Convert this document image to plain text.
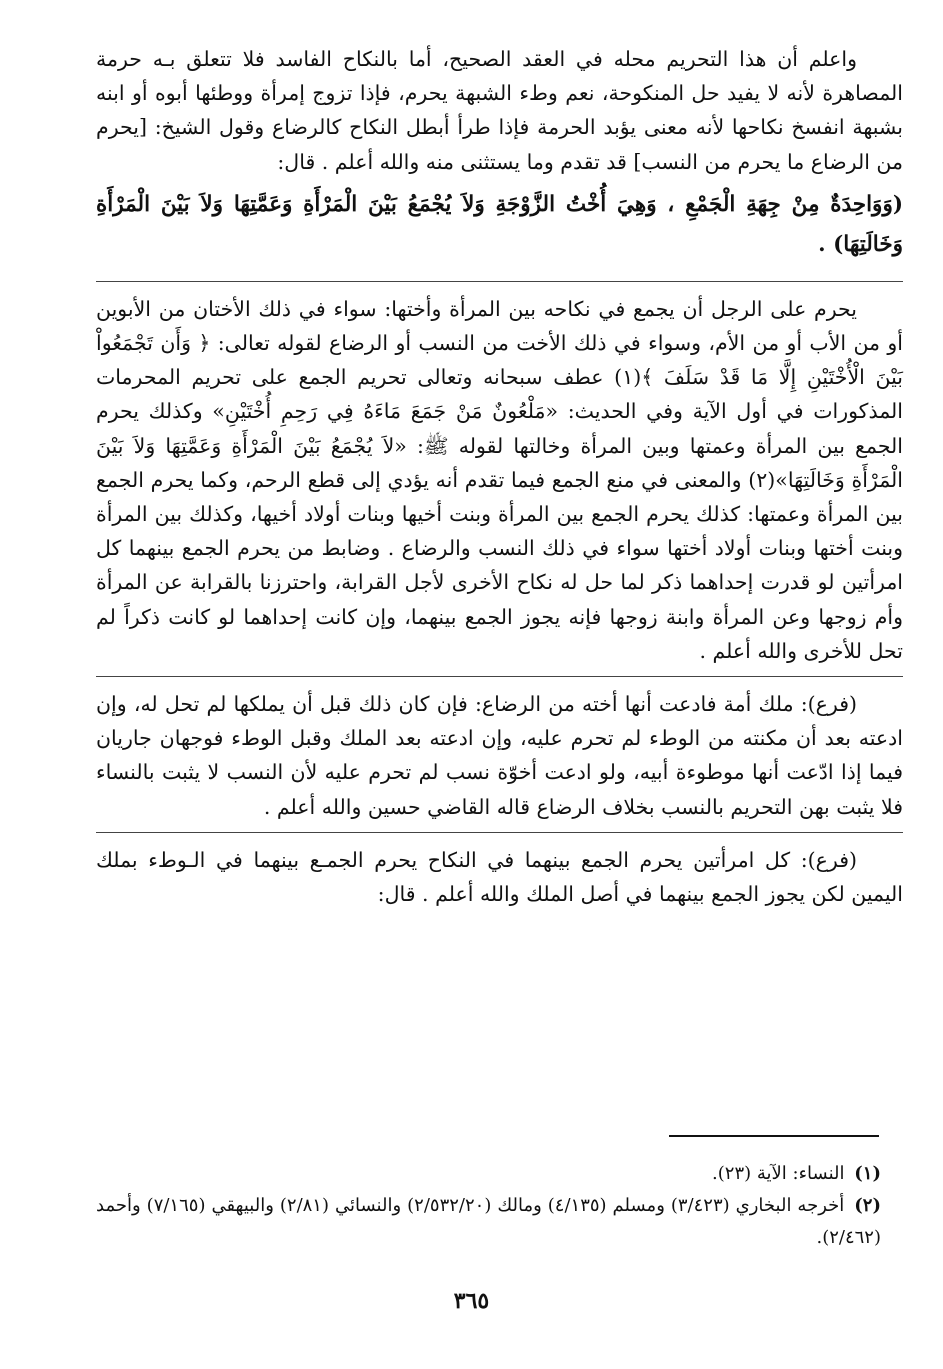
واعلم أن هذا التحريم محله في العقد الصحيح، أما بالنكاح الفاسد فلا تتعلق بـه حرمة المصاهرة لأنه لا يفيد حل المنكوحة، نعم وطء الشبهة يحرم، فإذا تزوج إمرأة ووطئها أبوه أو ابنه بشبهة انفسخ نكاحها لأنه معنى يؤبد الحرمة فإذا طرأ أبطل النكاح كالرضاع وقول الشيخ: [يحرم من الرضاع ما يحرم من النسب] قد تقدم وما يستثنى منه والله أعلم . قال:

(وَوَاحِدَةٌ مِنْ جِهَةِ الْجَمْعِ ، وَهِيَ أُخْتُ الزَّوْجَةِ وَلاَ يُجْمَعُ بَيْنَ الْمَرْأَةِ وَعَمَّتِهَا وَلاَ بَيْنَ الْمَرْأَةِ وَخَالَتِهَا) .

يحرم على الرجل أن يجمع في نكاحه بين المرأة وأختها: سواء في ذلك الأختان من الأبوين أو من الأب أو من الأم، وسواء في ذلك الأخت من النسب أو الرضاع لقوله تعالى: ﴿ وَأَن تَجْمَعُواْ بَيْنَ الْأُخْتَيْنِ إِلَّا مَا قَدْ سَلَفَ ﴾(١) عطف سبحانه وتعالى تحريم الجمع على تحريم المحرمات المذكورات في أول الآية وفي الحديث: «مَلْعُونٌ مَنْ جَمَعَ مَاءَهُ فِي رَحِمِ أُخْتَيْنِ» وكذلك يحرم الجمع بين المرأة وعمتها وبين المرأة وخالتها لقوله ﷺ: «لاَ يُجْمَعُ بَيْنَ الْمَرْأَةِ وَعَمَّتِهَا وَلاَ بَيْنَ الْمَرْأَةِ وَخَالَتِهَا»(٢) والمعنى في منع الجمع فيما تقدم أنه يؤدي إلى قطع الرحم، وكما يحرم الجمع بين المرأة وعمتها: كذلك يحرم الجمع بين المرأة وبنت أخيها وبنات أولاد أخيها، وكذلك بين المرأة وبنت أختها وبنات أولاد أختها سواء في ذلك النسب والرضاع . وضابط من يحرم الجمع بينهما كل امرأتين لو قدرت إحداهما ذكر لما حل له نكاح الأخرى لأجل القرابة، واحترزنا بالقرابة عن المرأة وأم زوجها وعن المرأة وابنة زوجها فإنه يجوز الجمع بينهما، وإن كانت إحداهما لو كانت ذكراً لم تحل للأخرى والله أعلم .

(فرع): ملك أمة فادعت أنها أخته من الرضاع: فإن كان ذلك قبل أن يملكها لم تحل له، وإن ادعته بعد أن مكنته من الوطء لم تحرم عليه، وإن ادعته بعد الملك وقبل الوطء فوجهان جاريان فيما إذا ادّعت أنها موطوءة أبيه، ولو ادعت أخوّة نسب لم تحرم عليه لأن النسب لا يثبت بالنساء فلا يثبت بهن التحريم بالنسب بخلاف الرضاع قاله القاضي حسين والله أعلم .

(فرع): كل امرأتين يحرم الجمع بينهما في النكاح يحرم الجمـع بينهما في الـوطء بملك اليمين لكن يجوز الجمع بينهما في أصل الملك والله أعلم . قال:

(١) النساء: الآية (٢٣).

(٢) أخرجه البخاري (٣/٤٢٣) ومسلم (٤/١٣٥) ومالك (٢/٥٣٢/٢٠) والنسائي (٢/٨١) والبيهقي (٧/١٦٥) وأحمد (٢/٤٦٢).

٣٦٥
